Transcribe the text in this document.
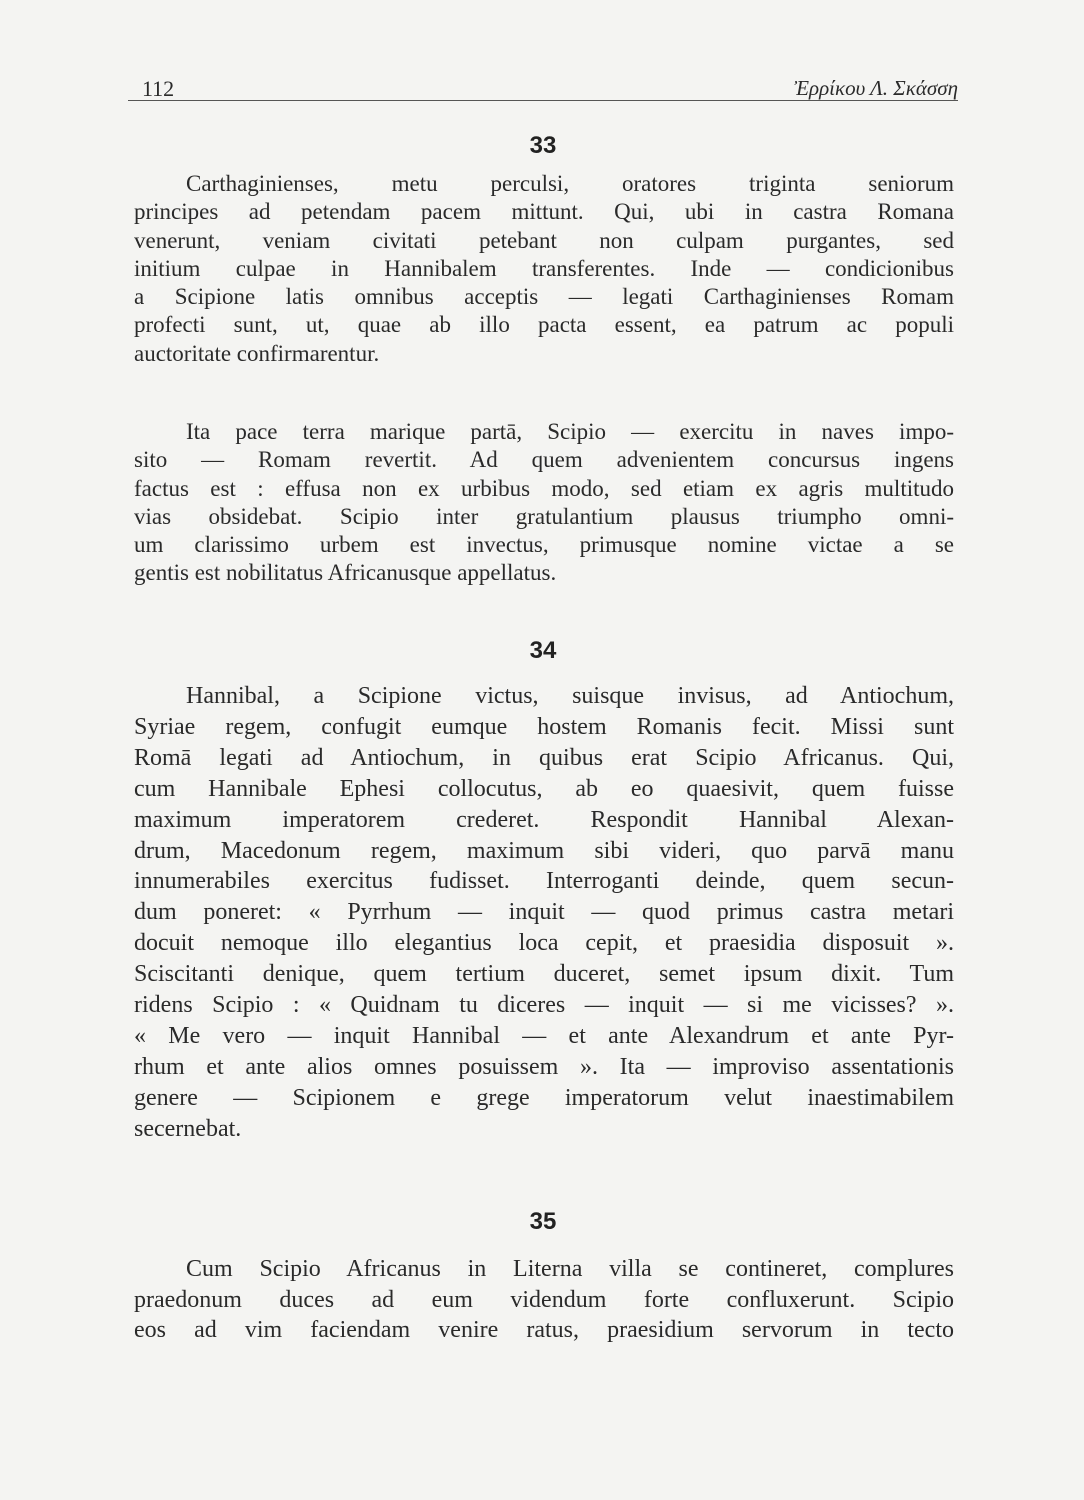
112	Ἐρρίκου Λ. Σκάσση
33

Carthaginienses, metu perculsi, oratores triginta seniorum
principes ad petendam pacem mittunt. Qui, ubi in castra Romana
venerunt, veniam civitati petebant non culpam purgantes, sed
initium culpae in Hannibalem transferentes. Inde — condicionibus
a Scipione latis omnibus acceptis — legati Carthaginienses Romam
profecti sunt, ut, quae ab illo pacta essent, ea patrum ac populi
auctoritate confirmarentur.

Ita pace terra marique partā, Scipio — exercitu in naves impo-
sito — Romam revertit. Ad quem advenientem concursus ingens
factus est : effusa non ex urbibus modo, sed etiam ex agris multitudo
vias obsidebat. Scipio inter gratulantium plausus triumpho omni-
um clarissimo urbem est invectus, primusque nomine victae a se
gentis est nobilitatus Africanusque appellatus.

34

Hannibal, a Scipione victus, suisque invisus, ad Antiochum,
Syriae regem, confugit eumque hostem Romanis fecit. Missi sunt
Romā legati ad Antiochum, in quibus erat Scipio Africanus. Qui,
cum Hannibale Ephesi collocutus, ab eo quaesivit, quem fuisse
maximum imperatorem crederet. Respondit Hannibal Alexan-
drum, Macedonum regem, maximum sibi videri, quo parvā manu
innumerabiles exercitus fudisset. Interroganti deinde, quem secun-
dum poneret: « Pyrrhum — inquit — quod primus castra metari
docuit nemoque illo elegantius loca cepit, et praesidia disposuit ».
Sciscitanti denique, quem tertium duceret, semet ipsum dixit. Tum
ridens Scipio : « Quidnam tu diceres — inquit — si me vicisses? ».
« Me vero — inquit Hannibal — et ante Alexandrum et ante Pyr-
rhum et ante alios omnes posuissem ». Ita — improviso assentationis
genere — Scipionem e grege imperatorum velut inaestimabilem
secernebat.

35

Cum Scipio Africanus in Literna villa se contineret, complures
praedonum duces ad eum videndum forte confluxerunt. Scipio
eos ad vim faciendam venire ratus, praesidium servorum in tecto
